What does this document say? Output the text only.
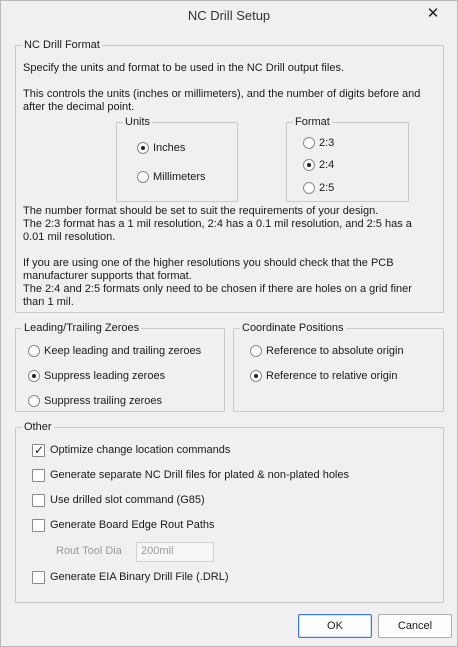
NC Drill Setup	✕
NC Drill Format
Specify the units and format to be used in the NC Drill output files.
This controls the units (inches or millimeters), and the number of digits before and
after the decimal point.
Units
Inches
Millimeters
Format
2:3
2:4
2:5
The number format should be set to suit the requirements of your design.
The 2:3 format has a 1 mil resolution, 2:4 has a 0.1 mil resolution, and 2:5 has a
0.01 mil resolution.
If you are using one of the higher resolutions you should check that the PCB
manufacturer supports that format.
The 2:4 and 2:5 formats only need to be chosen if there are holes on a grid finer
than 1 mil.
Leading/Trailing Zeroes
Keep leading and trailing zeroes
Suppress leading zeroes
Suppress trailing zeroes
Coordinate Positions
Reference to absolute origin
Reference to relative origin
Other
✓ Optimize change location commands
Generate separate NC Drill files for plated & non-plated holes
Use drilled slot command (G85)
Generate Board Edge Rout Paths
Rout Tool Dia	200mil
Generate EIA Binary Drill File (.DRL)
OK	Cancel
